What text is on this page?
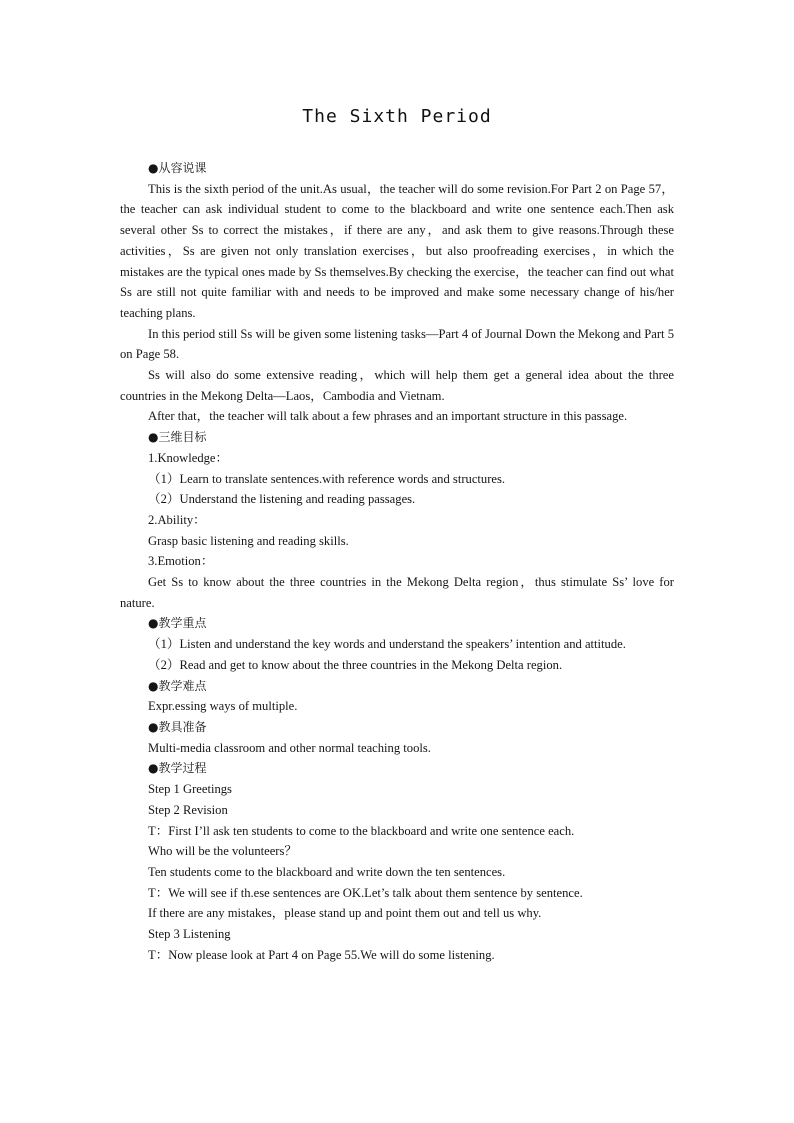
The Sixth Period

●从容说课

This is the sixth period of the unit.As usual，the teacher will do some revision.For Part 2 on Page 57，the teacher can ask individual student to come to the blackboard and write one sentence each.Then ask several other Ss to correct the mistakes，if there are any，and ask them to give reasons.Through these activities，Ss are given not only translation exercises，but also proofreading exercises，in which the mistakes are the typical ones made by Ss themselves.By checking the exercise，the teacher can find out what Ss are still not quite familiar with and needs to be improved and make some necessary change of his/her teaching plans.

In this period still Ss will be given some listening tasks—Part 4 of Journal Down the Mekong and Part 5 on Page 58.

Ss will also do some extensive reading，which will help them get a general idea about the three countries in the Mekong Delta—Laos，Cambodia and Vietnam.

After that，the teacher will talk about a few phrases and an important structure in this passage.

●三维目标

1.Knowledge：

（1）Learn to translate sentences.with reference words and structures.

（2）Understand the listening and reading passages.

2.Ability：

Grasp basic listening and reading skills.

3.Emotion：

Get Ss to know about the three countries in the Mekong Delta region，thus stimulate Ss’ love for nature.

●教学重点

（1）Listen and understand the key words and understand the speakers’ intention and attitude.

（2）Read and get to know about the three countries in the Mekong Delta region.

●教学难点

Expr.essing ways of multiple.

●教具准备

Multi-media classroom and other normal teaching tools.

●教学过程

Step 1 Greetings

Step 2 Revision

T：First I’ll ask ten students to come to the blackboard and write one sentence each.

Who will be the volunteers？

Ten students come to the blackboard and write down the ten sentences.

T：We will see if th.ese sentences are OK.Let’s talk about them sentence by sentence.

If there are any mistakes，please stand up and point them out and tell us why.

Step 3 Listening

T：Now please look at Part 4 on Page 55.We will do some listening.
